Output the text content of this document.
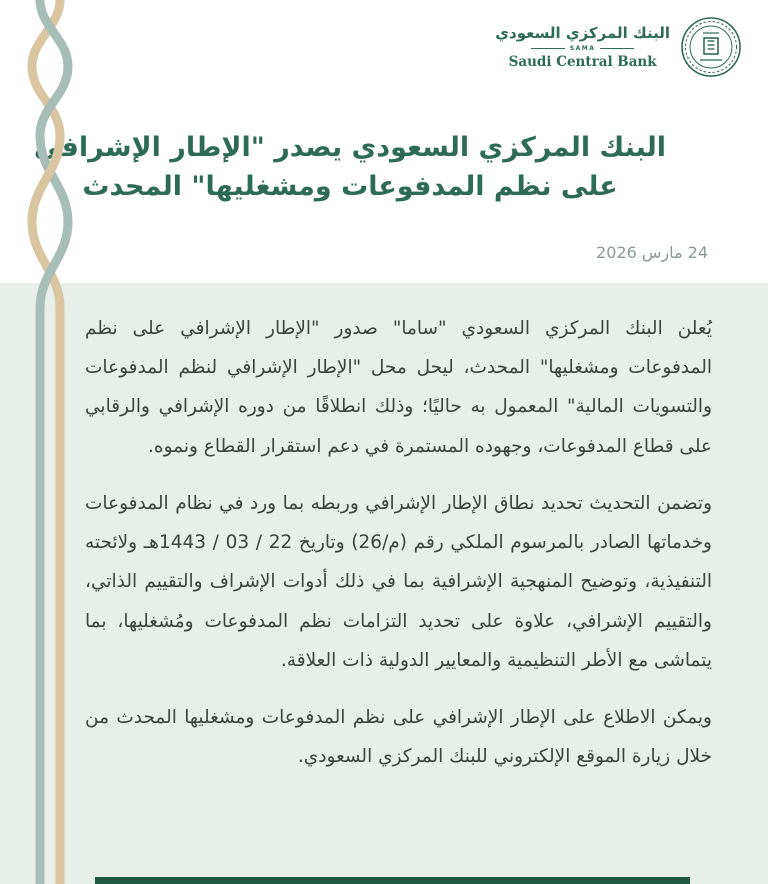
البنك المركزي السعودي
SAMA
Saudi Central Bank
البنك المركزي السعودي يصدر "الإطار الإشرافي على نظم المدفوعات ومشغليها" المحدث
24 مارس 2026

يُعلن البنك المركزي السعودي "ساما" صدور "الإطار الإشرافي على نظم المدفوعات ومشغليها" المحدث، ليحل محل "الإطار الإشرافي لنظم المدفوعات والتسويات المالية" المعمول به حاليًا؛ وذلك انطلاقًا من دوره الإشرافي والرقابي على قطاع المدفوعات، وجهوده المستمرة في دعم استقرار القطاع ونموه.

وتضمن التحديث تحديد نطاق الإطار الإشرافي وربطه بما ورد في نظام المدفوعات وخدماتها الصادر بالمرسوم الملكي رقم (م/26) وتاريخ 22 / 03 / 1443هـ ولائحته التنفيذية، وتوضيح المنهجية الإشرافية بما في ذلك أدوات الإشراف والتقييم الذاتي، والتقييم الإشرافي، علاوة على تحديد التزامات نظم المدفوعات ومُشغليها، بما يتماشى مع الأطر التنظيمية والمعايير الدولية ذات العلاقة.

ويمكن الاطلاع على الإطار الإشرافي على نظم المدفوعات ومشغليها المحدث من خلال زيارة الموقع الإلكتروني للبنك المركزي السعودي.
